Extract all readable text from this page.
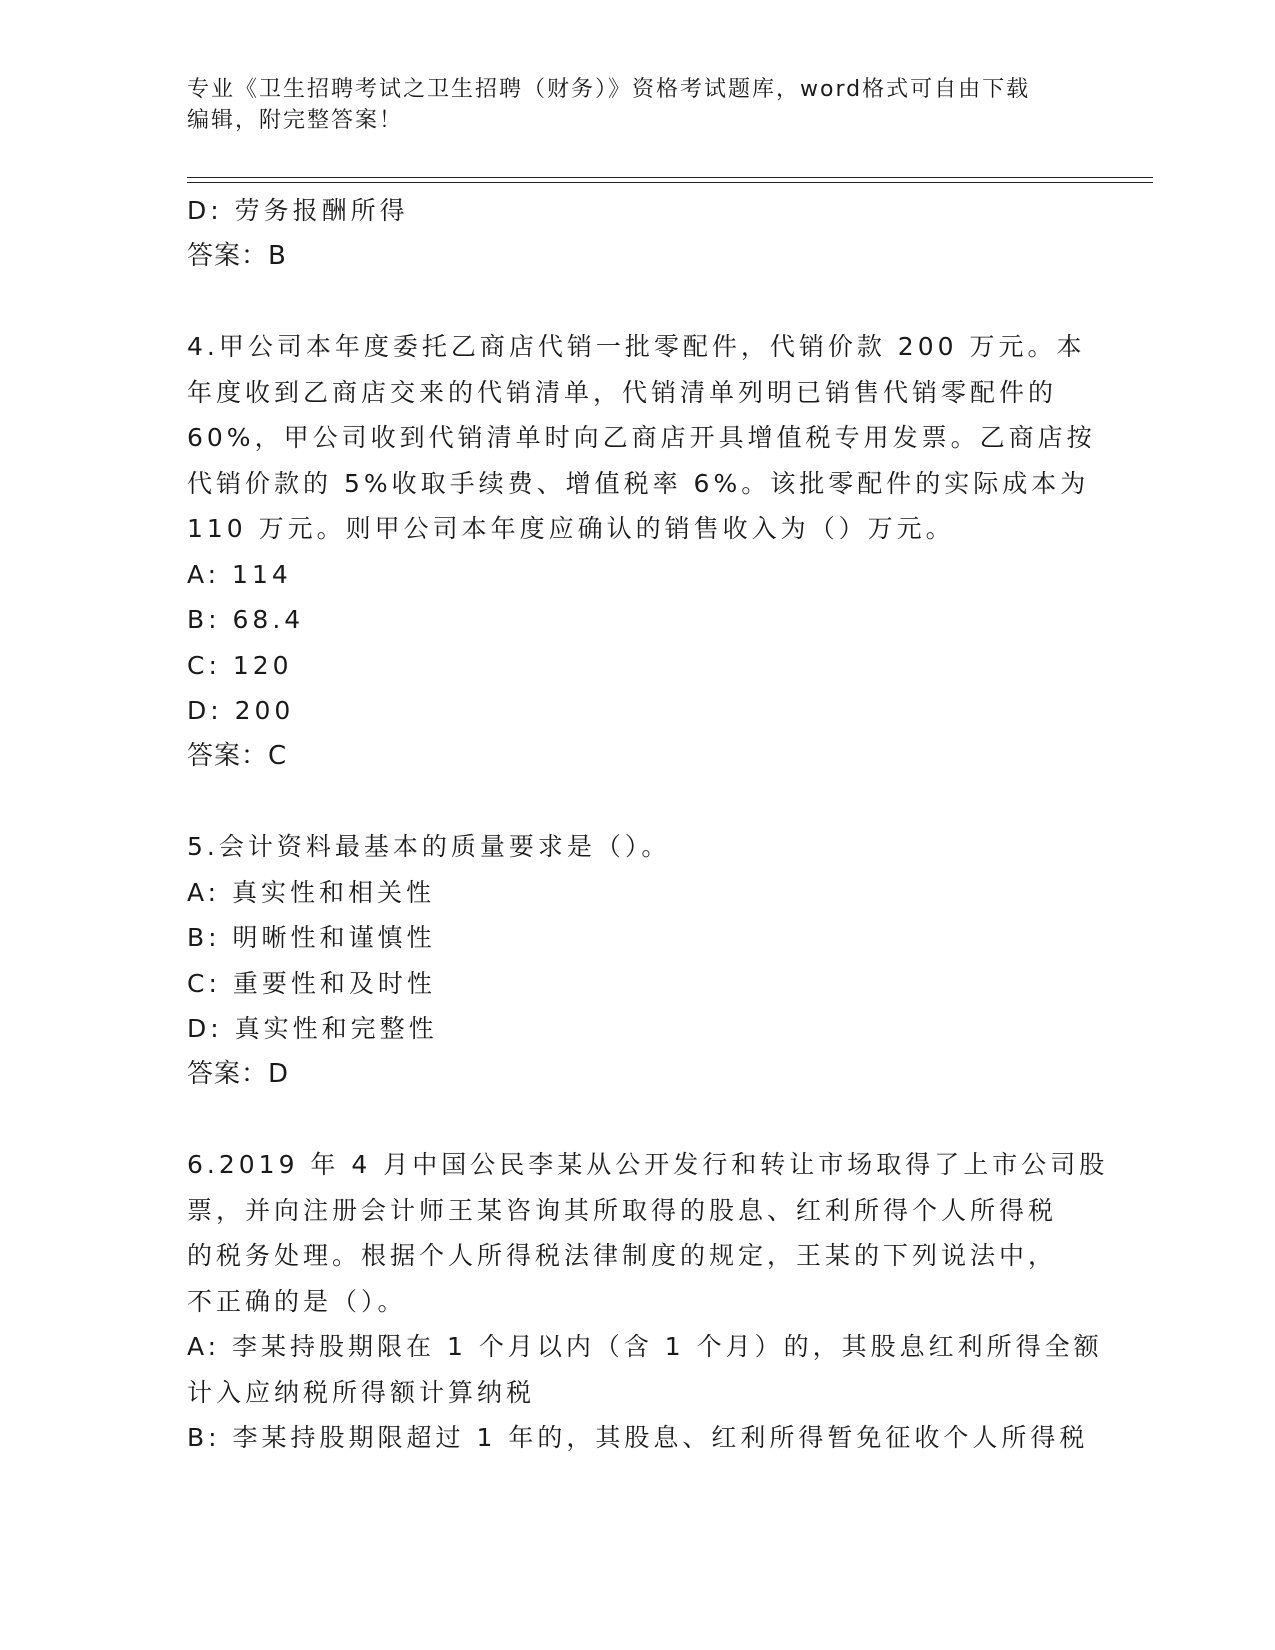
专业《卫生招聘考试之卫生招聘（财务）》资格考试题库，word格式可自由下载
编辑，附完整答案！
D: 劳务报酬所得
答案：B
4.甲公司本年度委托乙商店代销一批零配件，代销价款 200 万元。本
年度收到乙商店交来的代销清单，代销清单列明已销售代销零配件的
60%，甲公司收到代销清单时向乙商店开具增值税专用发票。乙商店按
代销价款的 5%收取手续费、增值税率 6%。该批零配件的实际成本为
110 万元。则甲公司本年度应确认的销售收入为（）万元。
A: 114
B: 68.4
C: 120
D: 200
答案：C
5.会计资料最基本的质量要求是（）。
A: 真实性和相关性
B: 明晰性和谨慎性
C: 重要性和及时性
D: 真实性和完整性
答案：D
6.2019 年 4 月中国公民李某从公开发行和转让市场取得了上市公司股
票，并向注册会计师王某咨询其所取得的股息、红利所得个人所得税
的税务处理。根据个人所得税法律制度的规定，王某的下列说法中，
不正确的是（）。
A: 李某持股期限在 1 个月以内（含 1 个月）的，其股息红利所得全额
计入应纳税所得额计算纳税
B: 李某持股期限超过 1 年的，其股息、红利所得暂免征收个人所得税
